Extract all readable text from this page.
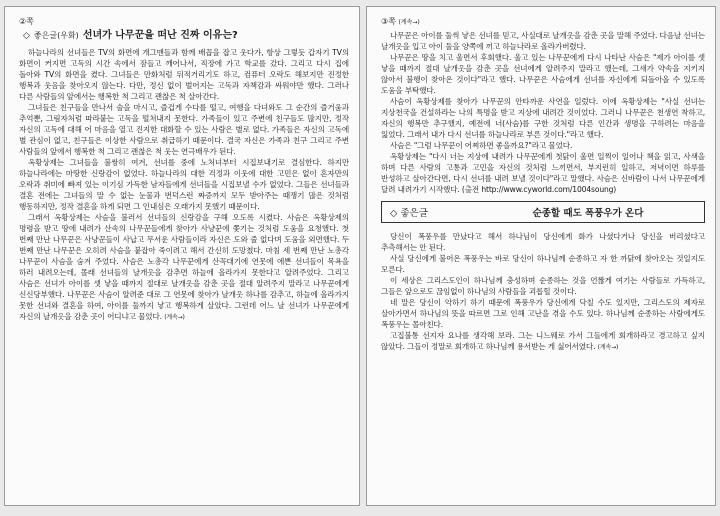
②쪽
◇ 좋은글(우화) 선녀가 나무꾼을 떠난 진짜 이유는?

하늘나라의 선녀들은 TV의 화면에 개그맨들과 함께 배꼽을 잡고 웃다가, 항상 그렇듯 갑자기 TV의 화면이 커지면 고독의 시간 속에서 잠들고 깨어나서, 직장에 가고 학교를 갔다. 그리고 다시 집에 돌아와 TV의 화면을 켰다. 그녀들은 만화처럼 뒤적거리기도 하고, 컴퓨터 오락도 해보지만 진정한 행복과 웃음을 찾아오지 않는다. 다만, 정신 없이 벌어지는 고독과 자책감과 싸워야만 했다. 그러나 다른 사람들의 앞에서는 행복한 척 그리고 괜찮은 척 살아간다.

그녀들은 친구들을 만나서 술을 마시고, 즐겁게 수다를 떨고, 여행을 다녀와도 그 순간의 즐거움과 추억뿐, 그림자처럼 따라붙는 고독을 떨쳐내지 못한다. 가족들이 있고 주변에 친구들도 많지만, 정작 자신의 고독에 대해 어 마음을 열고 진지한 대화할 수 있는 사람은 별로 없다. 가족들은 자신의 고독에 별 관심이 없고, 친구들은 이상한 사람으로 취급하기 때문이다. 결국 자신은 가족과 친구 그리고 주변 사람들의 앞에서 행복한 척 그리고 괜찮은 척 웃는 연극배우가 된다.

옥황상제는 그녀들을 불쌍히 여겨, 선녀를 중에 노처녀부터 시집보내기로 결심한다. 하지만 하늘나라에는 마땅한 신랑감이 없었다. 하늘나라의 대한 걱정과 이웃에 대한 고민은 없이 혼자만의 오락과 취미에 빠져 있는 이기심 가득한 남자들에게 선녀들을 시집보낼 수가 없었다. 그들은 선녀들과 결혼 전에는 그녀들의 말 수 없는 눈물과 번덕스런 짜증까지 모두 받아주는 때쟁기 많은 것처럼 행동하지만, 정작 결혼을 하게 되면 그 인내심은 오래가지 못했기 때문이다.

그래서 옥황상제는 사슴을 불러서 선녀들의 신랑감을 구해 오도록 시켰다. 사슴은 옥황상제의 명령을 받고 땅에 내려가 산속의 나무꾼들에게 찾아가 사냥꾼에 쫓기는 것처럼 도움을 요청했다. 첫 번째 만난 나무꾼은 사냥꾼들이 사납고 무서운 사람들이라 자신은 도와 줄 없다며 도움을 외면했다. 두 번째 만난 나무꾼은 오히려 사슴을 붙잡아 죽이려고 해서 간신히 도망쳤다. 마침 세 번째 만난 노총각 나무꾼이 사슴을 숨겨 주었다. 사슴은 노총각 나무꾼에게 산꼭대기에 연못에 에쁜 선녀들이 목욕을 하러 내려오는데, 몰래 선녀들의 날개옷을 감추면 하늘에 올라가지 못한다고 알려주었다. 그리고 사슴은 선녀가 아이를 셋 낳을 때까지 절대로 날개옷을 감춘 곳을 절대 알려주지 말라고 나무꾼에게 신신당부했다. 나무꾼은 사슴이 알려준 대로 그 연못에 찾아가 날개옷 하나를 감추고, 하늘에 올라가지 못한 선녀와 결혼을 하여, 아이를 둘까지 낳고 행복하게 살았다. 그런데 어느 날 선녀가 나무꾼에게 자신의 날개옷을 감춘 곳이 어디냐고 물었다. (계속→)

③쪽 (계속→)

나무꾼은 아이를 둘씩 낳은 선녀를 믿고, 사실대로 날개옷을 감춘 곳을 말해 주었다. 다음날 선녀는 날개옷을 입고 아이 둘을 양쪽에 끼고 하늘나라로 올라가버렸다.

나무꾼은 땅을 치고 울면서 후회했다. 울고 있는 나무꾼에게 다시 나타난 사슴은 "제가 아이를 셋 낳을 때까지 절대 날개옷을 감춘 곳을 선녀에게 알려주지 말라고 했는데, 그새가 약속을 지키지 않아서 불행이 찾아온 것이다"라고 했다. 나무꾼은 사슴에게 선녀를 자신에게 되돌아올 수 있도록 도움을 부탁했다.

사슴이 옥황상제를 찾아가 나무꾼의 안타까운 사연을 일렀다. 이에 옥황상제는 "사실 선녀는 지상천국을 건설하라는 나의 특명을 받고 지상에 내려간 것이었다. 그러니 나무꾼은 천생연 착하고, 자신의 행복만 추구했지, 예전에 너(사슴)를 구한 것처럼 다른 인간과 생명을 구하려는 마음을 잃었다. 그래서 내가 다시 선녀를 하늘나라로 부른 것이다."라고 했다.

사슴은 "그럼 나무꾼이 어찌하면 좋을까요?"라고 물었다.

옥황상제는 "다시 너는 지상에 내려가 나무꾼에게 첫닭이 울면 일찍이 일어나 책을 읽고, 사색을 하며 다른 사람의 고통과 고민을 자신의 것처럼 느끼면서, 부지런히 일하고, 저녁이면 하루를 반성하고 살아간다면, 다시 선녀를 내려 보낼 것이다"라고 말했다. 사슴은 신바람이 나서 나무꾼에게 달려 내려가기 시작했다. (출전 http://www.cyworld.com/1004soung)

◇ 좋은글	순종할 때도 폭풍우가 온다

당신이 폭풍우를 만났다고 해서 하나님이 당신에게 화가 나셨다거나 당신을 버리셨다고 추측해서는 안 된다.

사실 당신에게 불어온 폭풍우는 바로 당신이 하나님께 순종하고 자 한 까닭에 찾아오는 것일지도 모른다.

이 세상은 그리스도인이 하나님께 충성하며 순종하는 것을 언짢게 여기는 사람들로 가득하고, 그들은 앞으로도 끊임없이 하나님의 사람들을 괴롭힐 것이다.

네 말은 당신이 악하기 하기 때문에 폭풍우가 당신에게 닥칠 수도 있지만, 그리스도의 제자로 살아가면서 하나님의 뜻을 따르면 그로 인해 고난을 겪을 수도 있다. 하나님께 순종하는 사람에게도 폭풍우는 몰아친다.

고집불통 선지자 요나를 생각해 보라. 그는 니느웨로 가서 그들에게 회개하라고 경고하고 싶지 않았다. 그들이 정말로 회개하고 하나님께 용서받는 게 싫어서였다. (계속→)
